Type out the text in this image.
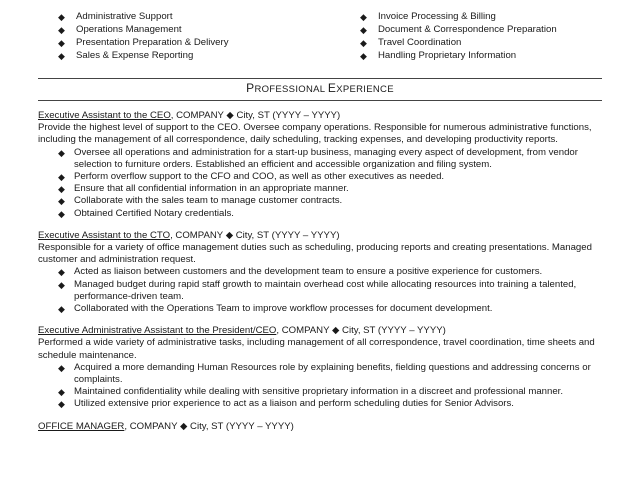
◆ Administrative Support
◆ Operations Management
◆ Presentation Preparation & Delivery
◆ Sales & Expense Reporting
◆ Invoice Processing & Billing
◆ Document & Correspondence Preparation
◆ Travel Coordination
◆ Handling Proprietary Information
PROFESSIONAL EXPERIENCE
Executive Assistant to the CEO, COMPANY ◆ City, ST (YYYY – YYYY)

Provide the highest level of support to the CEO. Oversee company operations. Responsible for numerous administrative functions, including the management of all correspondence, daily scheduling, tracking expenses, and developing productivity reports.

◆ Oversee all operations and administration for a start-up business, managing every aspect of development, from vendor selection to furniture orders. Established an efficient and accessible organization and filing system.
◆ Perform overflow support to the CFO and COO, as well as other executives as needed.
◆ Ensure that all confidential information in an appropriate manner.
◆ Collaborate with the sales team to manage customer contracts.
◆ Obtained Certified Notary credentials.
Executive Assistant to the CTO, COMPANY ◆ City, ST (YYYY – YYYY)

Responsible for a variety of office management duties such as scheduling, producing reports and creating presentations. Managed customer and administration request.

◆ Acted as liaison between customers and the development team to ensure a positive experience for customers.
◆ Managed budget during rapid staff growth to maintain overhead cost while allocating resources into training a talented, performance-driven team.
◆ Collaborated with the Operations Team to improve workflow processes for document development.
Executive Administrative Assistant to the President/CEO, COMPANY ◆ City, ST (YYYY – YYYY)

Performed a wide variety of administrative tasks, including management of all correspondence, travel coordination, time sheets and schedule maintenance.

◆ Acquired a more demanding Human Resources role by explaining benefits, fielding questions and addressing concerns or complaints.
◆ Maintained confidentiality while dealing with sensitive proprietary information in a discreet and professional manner.
◆ Utilized extensive prior experience to act as a liaison and perform scheduling duties for Senior Advisors.
OFFICE MANAGER, COMPANY ◆ City, ST (YYYY – YYYY)
